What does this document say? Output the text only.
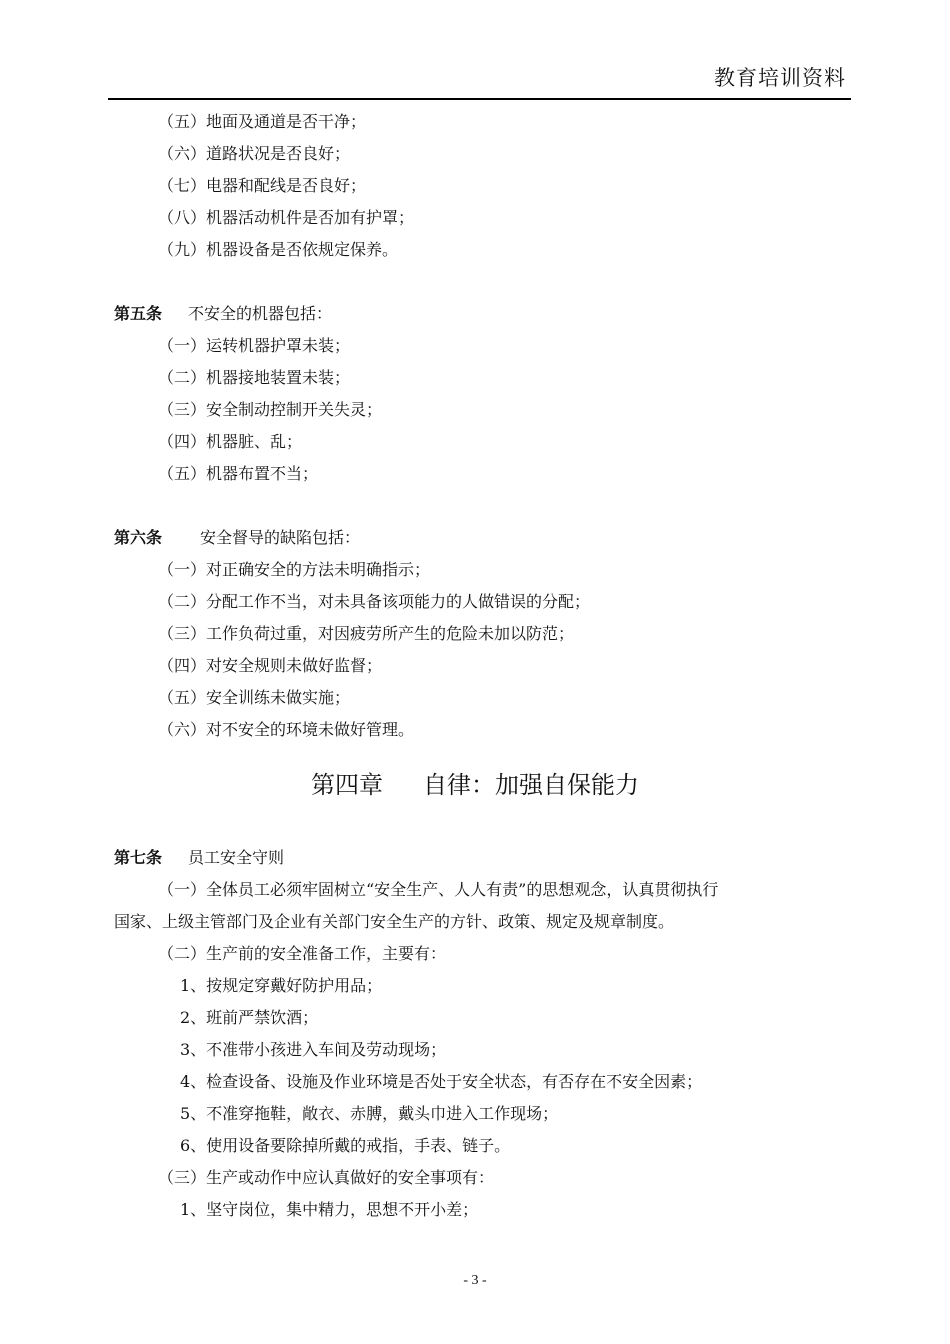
教育培训资料
（五）地面及通道是否干净；
（六）道路状况是否良好；
（七）电器和配线是否良好；
（八）机器活动机件是否加有护罩；
（九）机器设备是否依规定保养。
第五条 不安全的机器包括：
（一）运转机器护罩未装；
（二）机器接地装置未装；
（三）安全制动控制开关失灵；
（四）机器脏、乱；
（五）机器布置不当；
第六条 安全督导的缺陷包括：
（一）对正确安全的方法未明确指示；
（二）分配工作不当，对未具备该项能力的人做错误的分配；
（三）工作负荷过重，对因疲劳所产生的危险未加以防范；
（四）对安全规则未做好监督；
（五）安全训练未做实施；
（六）对不安全的环境未做好管理。
第四章 自律：加强自保能力
第七条 员工安全守则
（一）全体员工必须牢固树立“安全生产、人人有责”的思想观念，认真贯彻执行
国家、上级主管部门及企业有关部门安全生产的方针、政策、规定及规章制度。
（二）生产前的安全准备工作，主要有：
1、按规定穿戴好防护用品；
2、班前严禁饮酒；
3、不准带小孩进入车间及劳动现场；
4、检查设备、设施及作业环境是否处于安全状态，有否存在不安全因素；
5、不准穿拖鞋，敞衣、赤膊，戴头巾进入工作现场；
6、使用设备要除掉所戴的戒指，手表、链子。
（三）生产或动作中应认真做好的安全事项有：
1、坚守岗位，集中精力，思想不开小差；
- 3 -
